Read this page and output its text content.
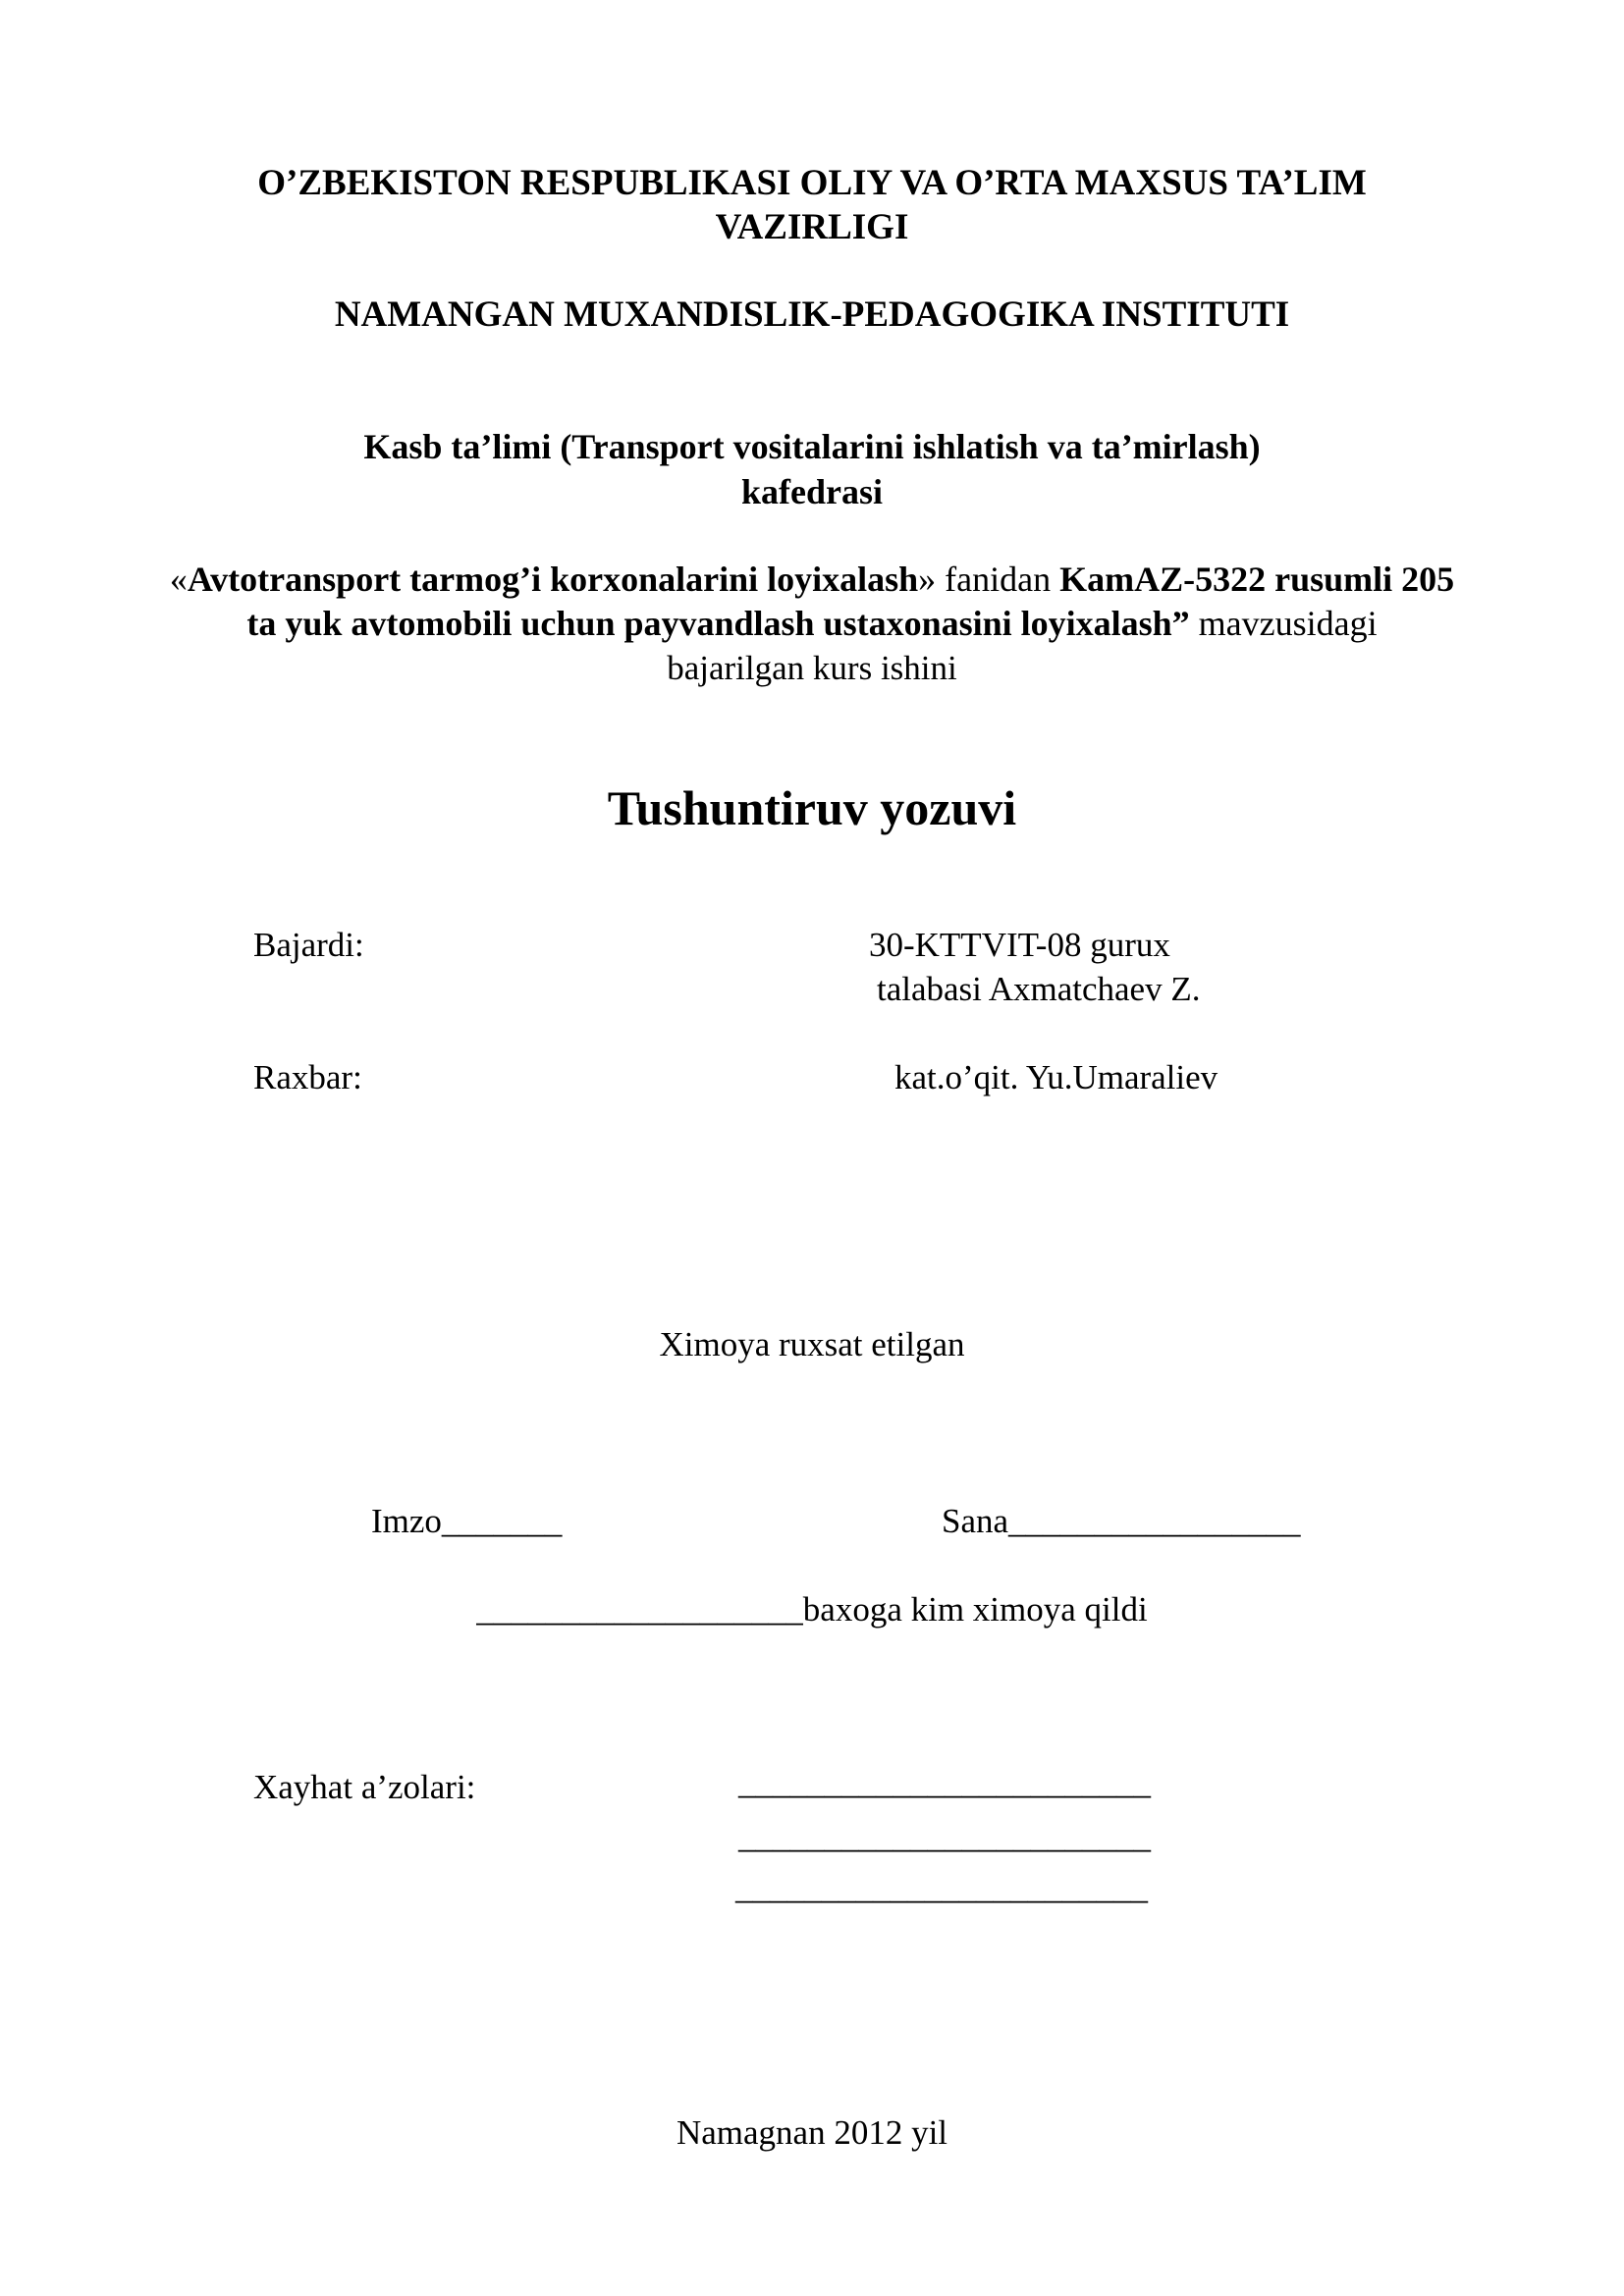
O’ZBEKISTON RESPUBLIKASI OLIY VA O’RTA MAXSUS TA’LIM
VAZIRLIGI
NAMANGAN MUXANDISLIK-PEDAGOGIKA INSTITUTI
Kasb ta’limi (Transport vositalarini ishlatish va ta’mirlash)
kafedrasi
«Avtotransport tarmog’i korxonalarini loyixalash» fanidan KamAZ-5322 rusumli 205
ta yuk avtomobili uchun payvandlash ustaxonasini loyixalash” mavzusidagi
bajarilgan kurs ishini
Tushuntiruv yozuvi
Bajardi:	30-KTTVIT-08 gurux
talabasi Axmatchaev Z.
Raxbar:	kat.o’qit. Yu.Umaraliev
Ximoya ruxsat etilgan
Imzo_______	Sana_________________
___________________baxoga kim ximoya qildi
Xayhat a’zolari:	________________________
________________________
________________________
Namagnan 2012 yil
